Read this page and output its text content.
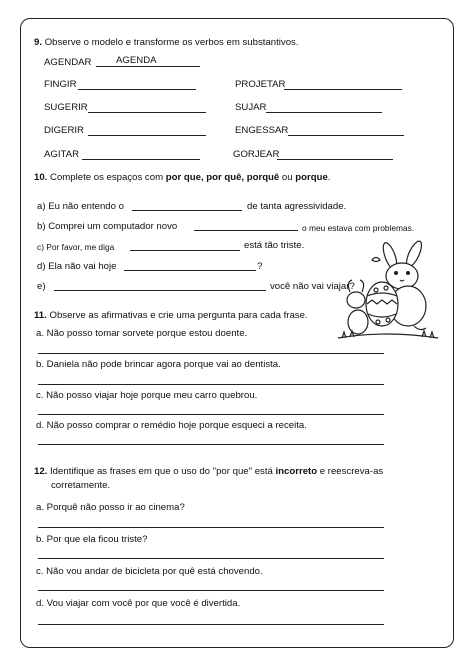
9. Observe o modelo e transforme os verbos em substantivos.
AGENDAR	AGENDA
FINGIR	PROJETAR
SUGERIR	SUJAR
DIGERIR	ENGESSAR
AGITAR	GORJEAR
10. Complete os espaços com por que, por quê, porquê ou porque.
a) Eu não entendo o	de tanta agressividade.
b) Comprei um computador novo	o meu estava com problemas.
c) Por favor, me diga	está tão triste.
d) Ela não vai hoje	?
e)	você não vai viajar?
11. Observe as afirmativas e crie uma pergunta para cada frase.
a. Não posso tomar sorvete porque estou doente.
b. Daniela não pode brincar agora porque vai ao dentista.
c. Não posso viajar hoje porque meu carro quebrou.
d. Não posso comprar o remédio hoje porque esqueci a receita.
12. Identifique as frases em que o uso do "por que" está incorreto e reescreva-as
corretamente.
a. Porquê não posso ir ao cinema?
b. Por que ela ficou triste?
c. Não vou andar de bicicleta por quê está chovendo.
d. Vou viajar com você por que você é divertida.
